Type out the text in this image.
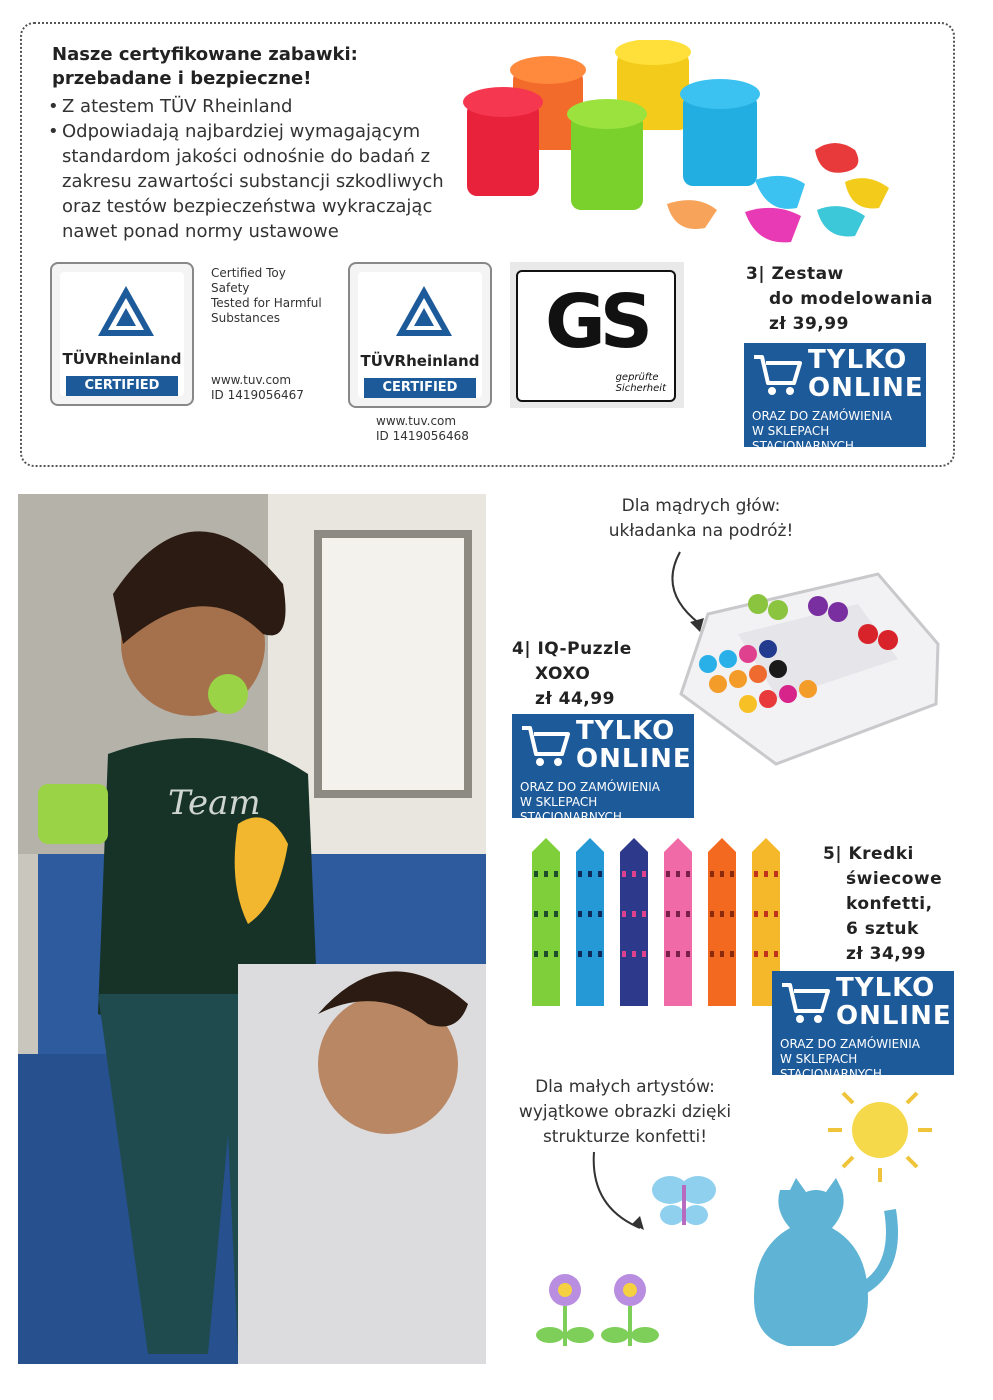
Nasze certyfikowane zabawki:
przebadane i bezpieczne!
• Z atestem TÜV Rheinland
• Odpowiadają najbardziej wymagającym standardom jakości odnośnie do badań z zakresu zawartości substancji szkodliwych oraz testów bezpieczeństwa wykraczając nawet ponad normy ustawowe
TÜVRheinland
CERTIFIED
Certified Toy
Safety
Tested for Harmful
Substances
www.tuv.com
ID 1419056467
TÜVRheinland
CERTIFIED
www.tuv.com
ID 1419056468
GS
geprüfte
Sicherheit
3| Zestaw
do modelowania
zł 39,99
TYLKO
ONLINE
ORAZ DO ZAMÓWIENIA
W SKLEPACH STACJONARNYCH
Team
Dla mądrych głów:
układanka na podróż!
4| IQ-Puzzle
XOXO
zł 44,99
TYLKO
ONLINE
ORAZ DO ZAMÓWIENIA
W SKLEPACH STACJONARNYCH
5| Kredki
świecowe
konfetti,
6 sztuk
zł 34,99
TYLKO
ONLINE
ORAZ DO ZAMÓWIENIA
W SKLEPACH STACJONARNYCH
Dla małych artystów:
wyjątkowe obrazki dzięki
strukturze konfetti!
